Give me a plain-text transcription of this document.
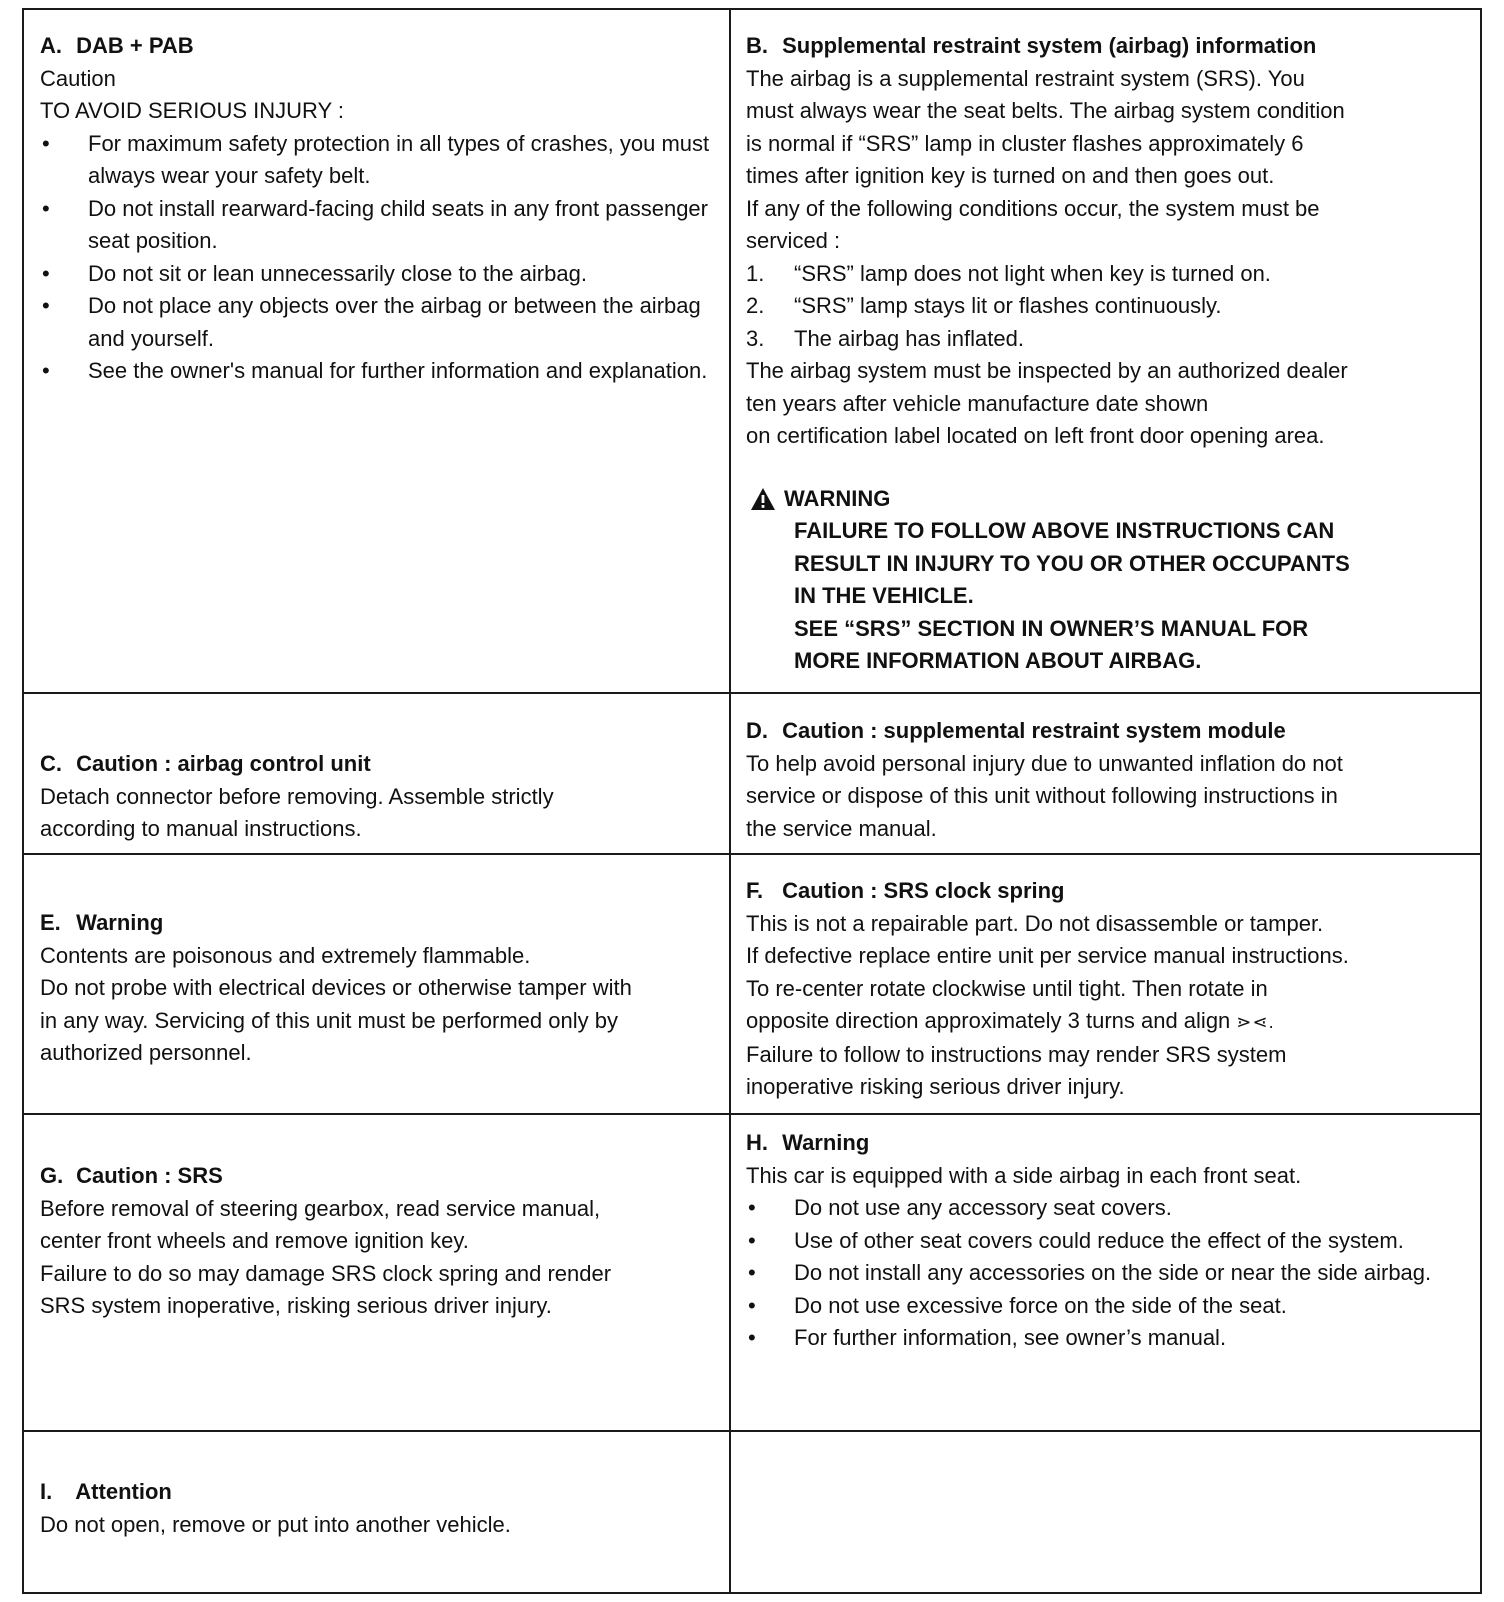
A. DAB + PAB
Caution
TO AVOID SERIOUS INJURY :
• For maximum safety protection in all types of crashes, you must always wear your safety belt.
• Do not install rearward-facing child seats in any front passenger seat position.
• Do not sit or lean unnecessarily close to the airbag.
• Do not place any objects over the airbag or between the airbag and yourself.
• See the owner's manual for further information and explanation.
B. Supplemental restraint system (airbag) information
The airbag is a supplemental restraint system (SRS). You
must always wear the seat belts. The airbag system condition
is normal if “SRS” lamp in cluster flashes approximately 6
times after ignition key is turned on and then goes out.
If any of the following conditions occur, the system must be
serviced :
1. “SRS” lamp does not light when key is turned on.
2. “SRS” lamp stays lit or flashes continuously.
3. The airbag has inflated.
The airbag system must be inspected by an authorized dealer
ten years after vehicle manufacture date shown
on certification label located on left front door opening area.
WARNING
FAILURE TO FOLLOW ABOVE INSTRUCTIONS CAN
RESULT IN INJURY TO YOU OR OTHER OCCUPANTS
IN THE VEHICLE.
SEE “SRS” SECTION IN OWNER’S MANUAL FOR
MORE INFORMATION ABOUT AIRBAG.
C. Caution : airbag control unit
Detach connector before removing. Assemble strictly
according to manual instructions.
D. Caution : supplemental restraint system module
To help avoid personal injury due to unwanted inflation do not
service or dispose of this unit without following instructions in
the service manual.
E. Warning
Contents are poisonous and extremely flammable.
Do not probe with electrical devices or otherwise tamper with
in any way. Servicing of this unit must be performed only by
authorized personnel.
F. Caution : SRS clock spring
This is not a repairable part. Do not disassemble or tamper.
If defective replace entire unit per service manual instructions.
To re-center rotate clockwise until tight. Then rotate in
opposite direction approximately 3 turns and align ⋗⋖.
Failure to follow to instructions may render SRS system
inoperative risking serious driver injury.
G. Caution : SRS
Before removal of steering gearbox, read service manual,
center front wheels and remove ignition key.
Failure to do so may damage SRS clock spring and render
SRS system inoperative, risking serious driver injury.
H. Warning
This car is equipped with a side airbag in each front seat.
• Do not use any accessory seat covers.
• Use of other seat covers could reduce the effect of the system.
• Do not install any accessories on the side or near the side airbag.
• Do not use excessive force on the side of the seat.
• For further information, see owner’s manual.
I. Attention
Do not open, remove or put into another vehicle.
